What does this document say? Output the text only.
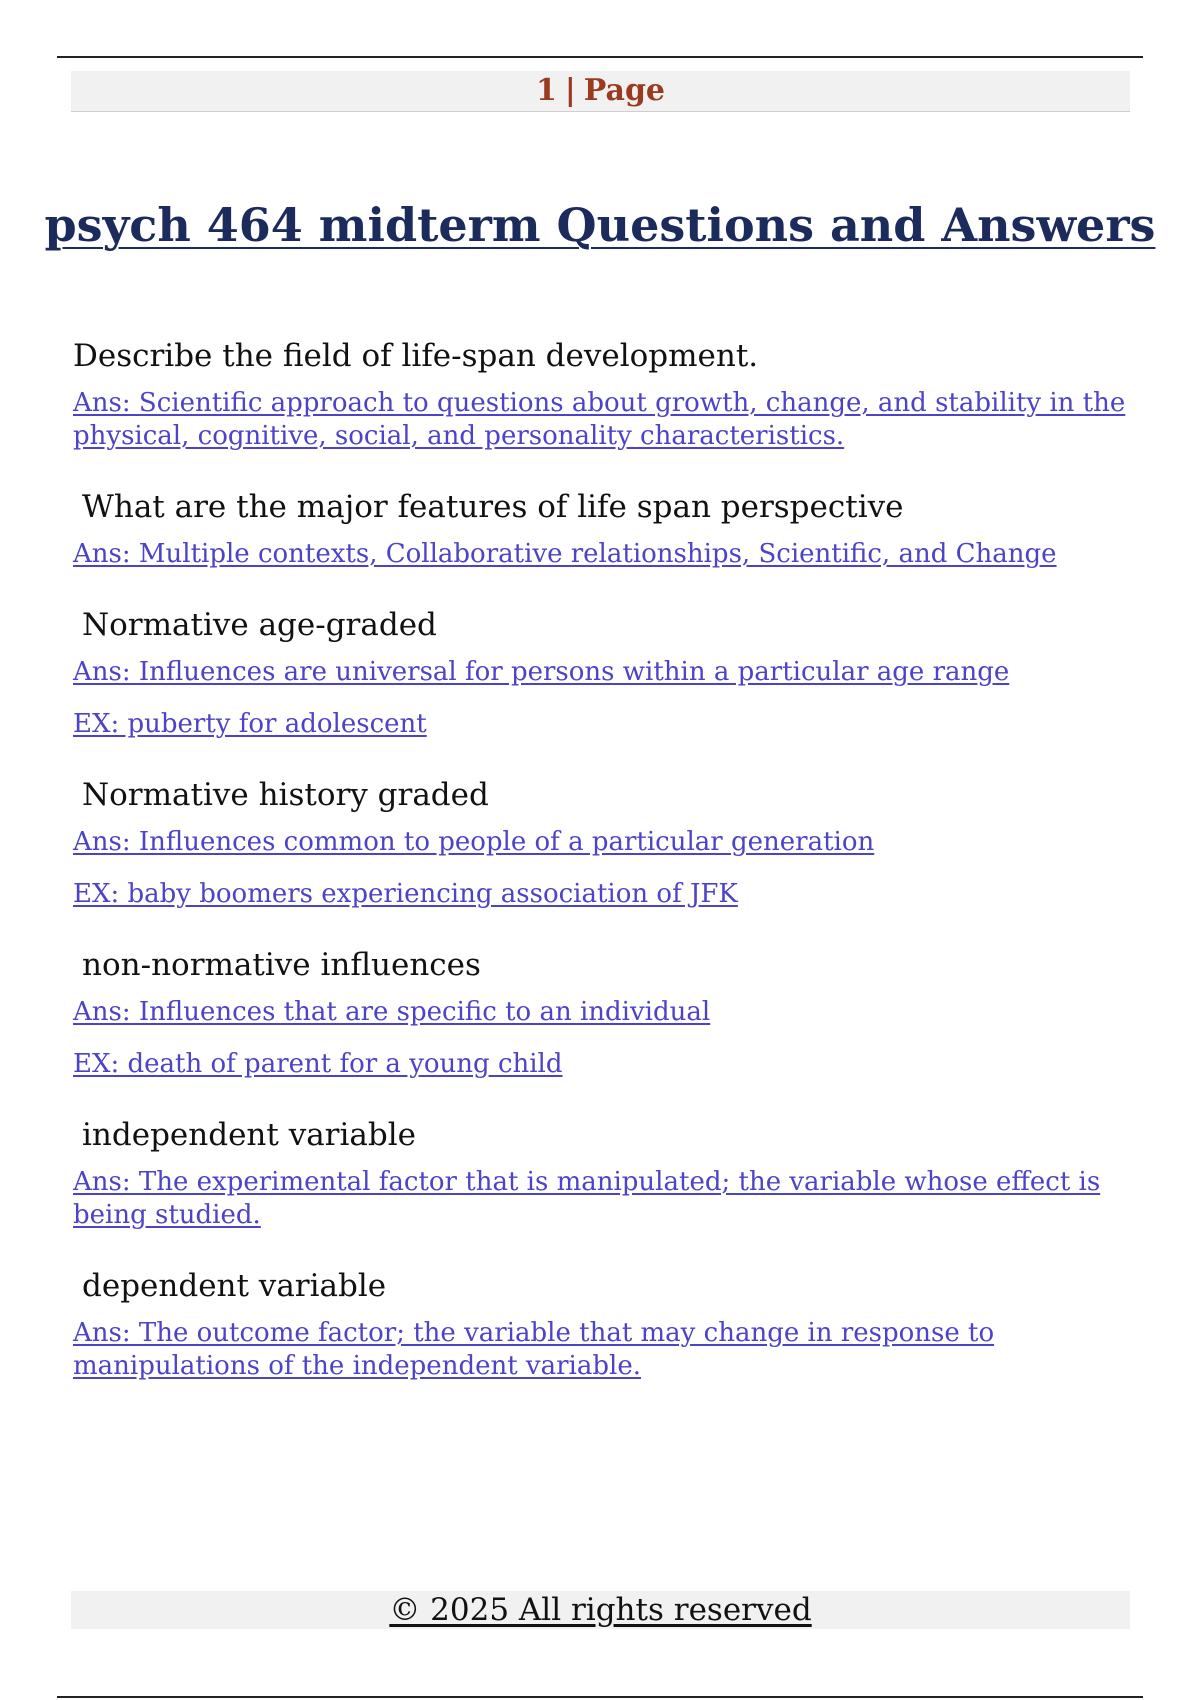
1 | Page
psych 464 midterm Questions and Answers

Describe the field of life-span development.

Ans: Scientific approach to questions about growth, change, and stability in the physical, cognitive, social, and personality characteristics.

What are the major features of life span perspective

Ans: Multiple contexts, Collaborative relationships, Scientific, and Change

Normative age-graded

Ans: Influences are universal for persons within a particular age range
EX: puberty for adolescent

Normative history graded

Ans: Influences common to people of a particular generation
EX: baby boomers experiencing association of JFK

non-normative influences

Ans: Influences that are specific to an individual
EX: death of parent for a young child

independent variable

Ans: The experimental factor that is manipulated; the variable whose effect is being studied.

dependent variable

Ans: The outcome factor; the variable that may change in response to manipulations of the independent variable.
© 2025 All rights reserved
